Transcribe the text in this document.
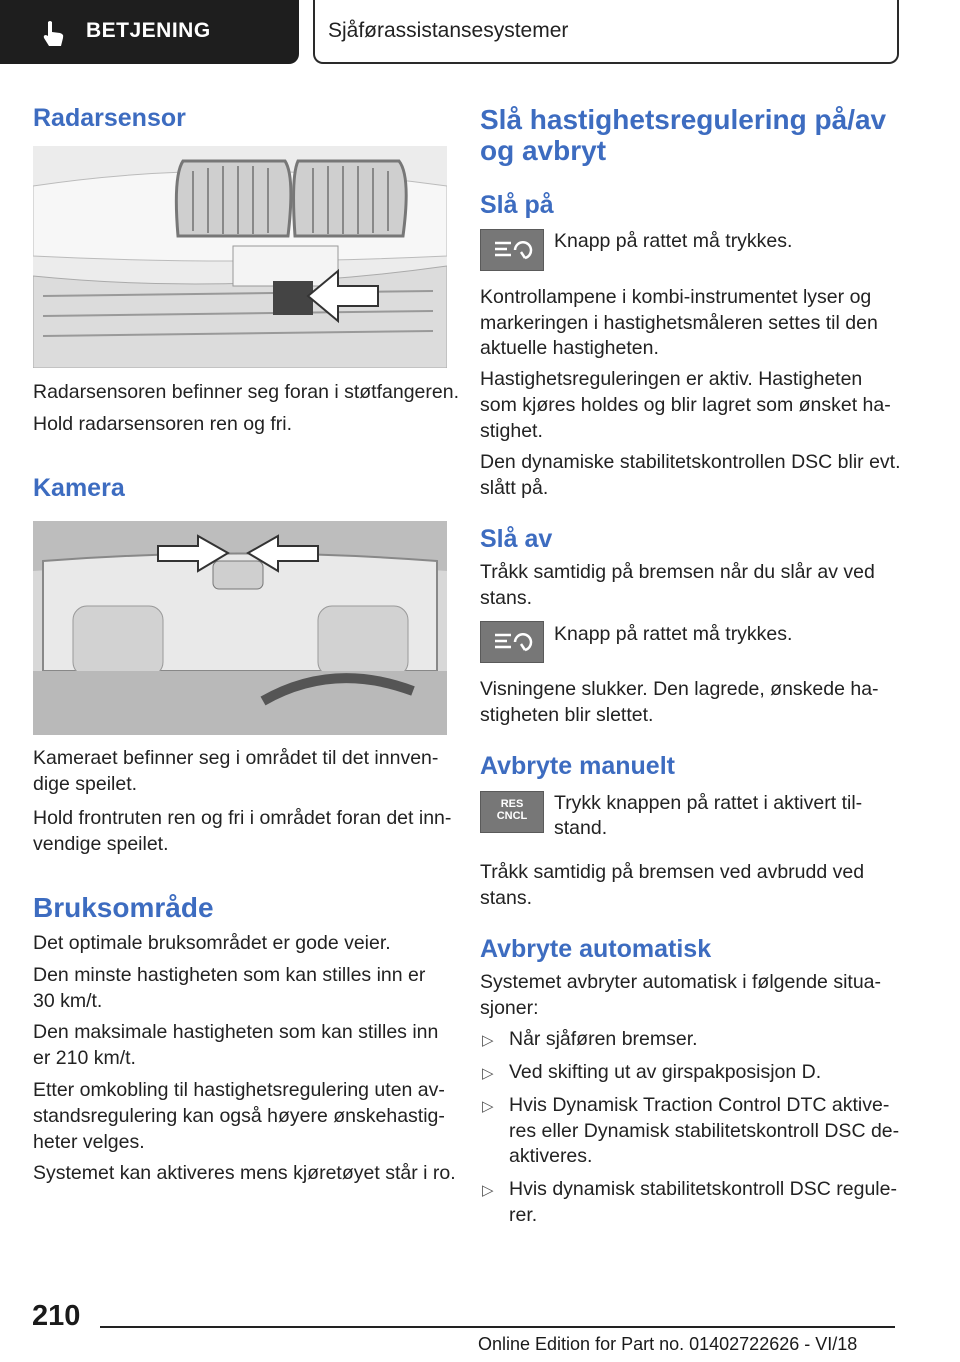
BETJENING	Sjåførassistansesystemer
Radarsensor
Radarsensoren befinner seg foran i støtfangeren.
Hold radarsensoren ren og fri.
Kamera
Kameraet befinner seg i området til det innven-
dige speilet.
Hold frontruten ren og fri i området foran det inn-
vendige speilet.
Bruksområde
Det optimale bruksområdet er gode veier.
Den minste hastigheten som kan stilles inn er
30 km/t.
Den maksimale hastigheten som kan stilles inn
er 210 km/t.
Etter omkobling til hastighetsregulering uten av-
standsregulering kan også høyere ønskehastig-
heter velges.
Systemet kan aktiveres mens kjøretøyet står i ro.
Slå hastighetsregulering på/av
og avbryt
Slå på
Knapp på rattet må trykkes.
Kontrollampene i kombi-instrumentet lyser og
markeringen i hastighetsmåleren settes til den
aktuelle hastigheten.
Hastighetsreguleringen er aktiv. Hastigheten
som kjøres holdes og blir lagret som ønsket ha-
stighet.
Den dynamiske stabilitetskontrollen DSC blir evt.
slått på.
Slå av
Tråkk samtidig på bremsen når du slår av ved
stans.
Knapp på rattet må trykkes.
Visningene slukker. Den lagrede, ønskede ha-
stigheten blir slettet.
Avbryte manuelt
RES
CNCL
Trykk knappen på rattet i aktivert til-
stand.
Tråkk samtidig på bremsen ved avbrudd ved
stans.
Avbryte automatisk
Systemet avbryter automatisk i følgende situa-
sjoner:
▷ Når sjåføren bremser.
▷ Ved skifting ut av girspakposisjon D.
▷ Hvis Dynamisk Traction Control DTC aktive-
res eller Dynamisk stabilitetskontroll DSC de-
aktiveres.
▷ Hvis dynamisk stabilitetskontroll DSC regule-
rer.
210
Online Edition for Part no. 01402722626 - VI/18
